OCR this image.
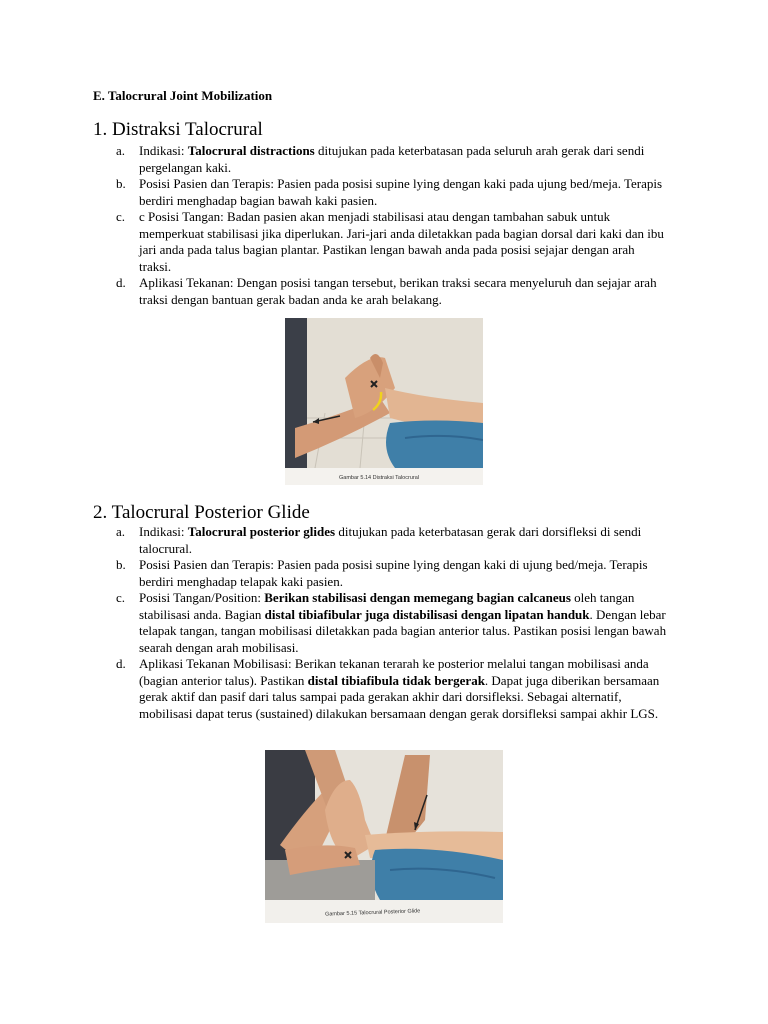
E. Talocrural Joint Mobilization
1. Distraksi Talocrural
a. Indikasi: Talocrural distractions ditujukan pada keterbatasan pada seluruh arah gerak dari sendi pergelangan kaki.
b. Posisi Pasien dan Terapis: Pasien pada posisi supine lying dengan kaki pada ujung bed/meja. Terapis berdiri menghadap bagian bawah kaki pasien.
c. c Posisi Tangan: Badan pasien akan menjadi stabilisasi atau dengan tambahan sabuk untuk memperkuat stabilisasi jika diperlukan. Jari-jari anda diletakkan pada bagian dorsal dari kaki dan ibu jari anda pada talus bagian plantar. Pastikan lengan bawah anda pada posisi sejajar dengan arah traksi.
d. Aplikasi Tekanan: Dengan posisi tangan tersebut, berikan traksi secara menyeluruh dan sejajar arah traksi dengan bantuan gerak badan anda ke arah belakang.
Gambar 5.14 Distraksi Talocrural
2. Talocrural Posterior Glide
a. Indikasi: Talocrural posterior glides ditujukan pada keterbatasan gerak dari dorsifleksi di sendi talocrural.
b. Posisi Pasien dan Terapis: Pasien pada posisi supine lying dengan kaki di ujung bed/meja. Terapis berdiri menghadap telapak kaki pasien.
c. Posisi Tangan/Position: Berikan stabilisasi dengan memegang bagian calcaneus oleh tangan stabilisasi anda. Bagian distal tibiafibular juga distabilisasi dengan lipatan handuk. Dengan lebar telapak tangan, tangan mobilisasi diletakkan pada bagian anterior talus. Pastikan posisi lengan bawah searah dengan arah mobilisasi.
d. Aplikasi Tekanan Mobilisasi: Berikan tekanan terarah ke posterior melalui tangan mobilisasi anda (bagian anterior talus). Pastikan distal tibiafibula tidak bergerak. Dapat juga diberikan bersamaan gerak aktif dan pasif dari talus sampai pada gerakan akhir dari dorsifleksi. Sebagai alternatif, mobilisasi dapat terus (sustained) dilakukan bersamaan dengan gerak dorsifleksi sampai akhir LGS.
Gambar 5.15 Talocrural Posterior Glide
